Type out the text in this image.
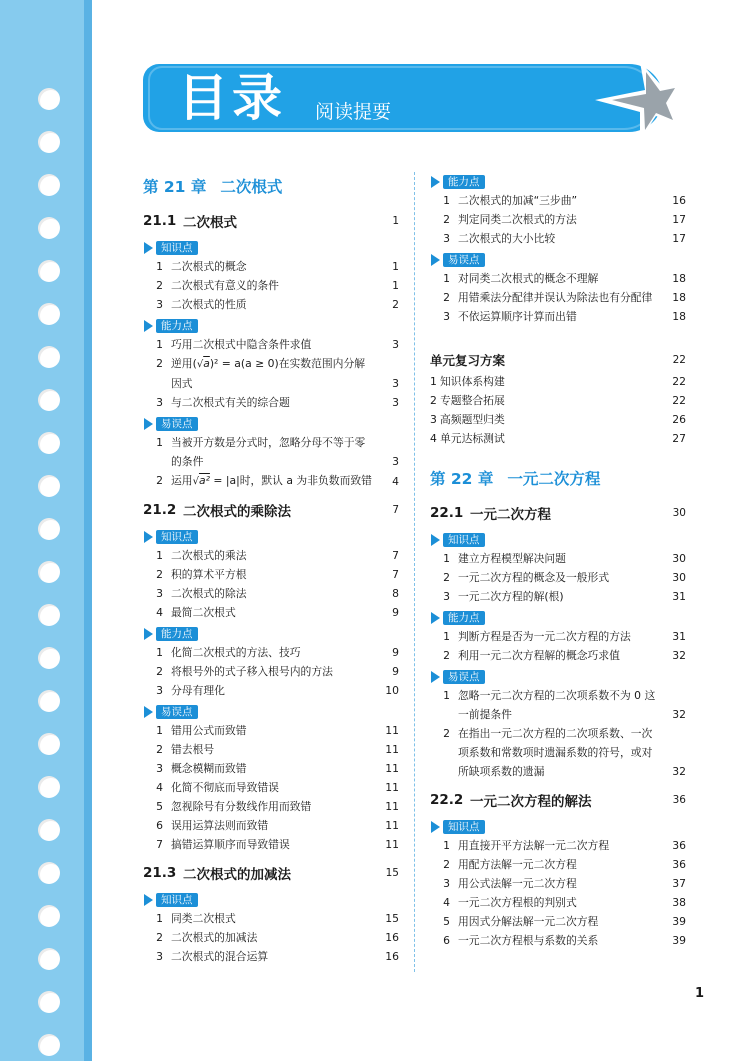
目录 阅读提要
第 21 章 二次根式
21.1 二次根式	1
知识点
1 二次根式的概念	1
2 二次根式有意义的条件	1
3 二次根式的性质	2
能力点
1 巧用二次根式中隐含条件求值	3
2 逆用(√a)² = a(a ≥ 0)在实数范围内分解因式	3
3 与二次根式有关的综合题	3
易误点
1 当被开方数是分式时，忽略分母不等于零的条件	3
2 运用√a² = |a|时，默认 a 为非负数而致错	4
21.2 二次根式的乘除法	7
知识点
1 二次根式的乘法	7
2 积的算术平方根	7
3 二次根式的除法	8
4 最简二次根式	9
能力点
1 化简二次根式的方法、技巧	9
2 将根号外的式子移入根号内的方法	9
3 分母有理化	10
易误点
1 错用公式而致错	11
2 错去根号	11
3 概念模糊而致错	11
4 化简不彻底而导致错误	11
5 忽视除号有分数线作用而致错	11
6 误用运算法则而致错	11
7 搞错运算顺序而导致错误	11
21.3 二次根式的加减法	15
知识点
1 同类二次根式	15
2 二次根式的加减法	16
3 二次根式的混合运算	16
能力点
1 二次根式的加减“三步曲”	16
2 判定同类二次根式的方法	17
3 二次根式的大小比较	17
易误点
1 对同类二次根式的概念不理解	18
2 用错乘法分配律并误认为除法也有分配律	18
3 不依运算顺序计算而出错	18
单元复习方案	22
1 知识体系构建	22
2 专题整合拓展	22
3 高频题型归类	26
4 单元达标测试	27
第 22 章 一元二次方程
22.1 一元二次方程	30
知识点
1 建立方程模型解决问题	30
2 一元二次方程的概念及一般形式	30
3 一元二次方程的解(根)	31
能力点
1 判断方程是否为一元二次方程的方法	31
2 利用一元二次方程解的概念巧求值	32
易误点
1 忽略一元二次方程的二次项系数不为 0 这一前提条件	32
2 在指出一元二次方程的二次项系数、一次项系数和常数项时遗漏系数的符号，或对所缺项系数的遗漏	32
22.2 一元二次方程的解法	36
知识点
1 用直接开平方法解一元二次方程	36
2 用配方法解一元二次方程	36
3 用公式法解一元二次方程	37
4 一元二次方程根的判别式	38
5 用因式分解法解一元二次方程	39
6 一元二次方程根与系数的关系	39
1
